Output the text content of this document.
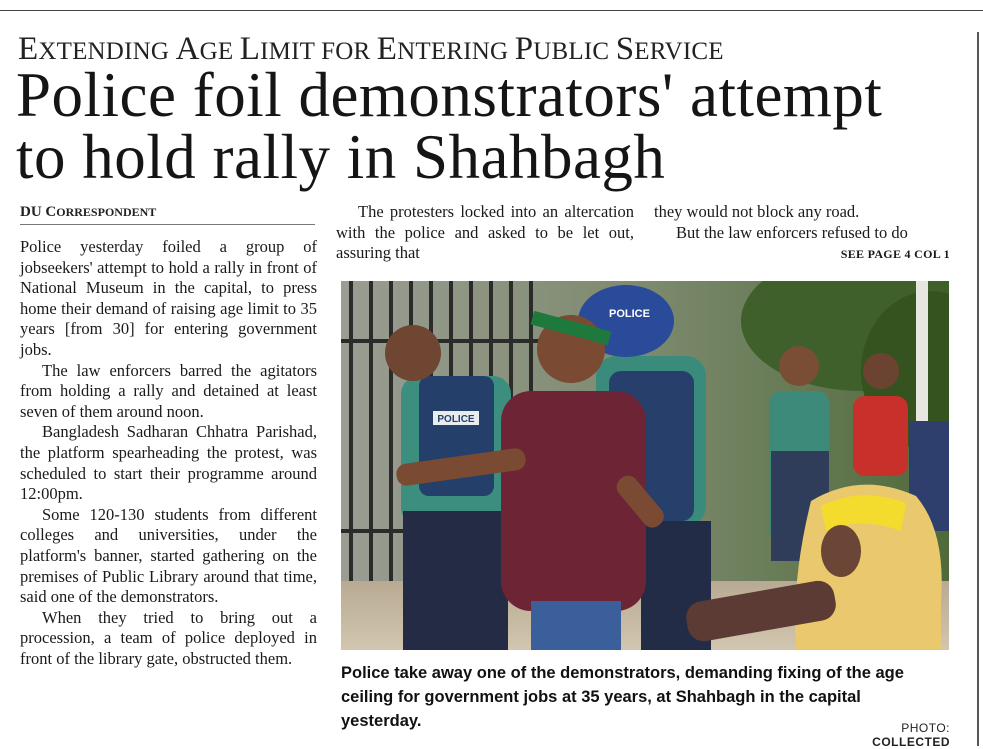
EXTENDING AGE LIMIT FOR ENTERING PUBLIC SERVICE
Police foil demonstrators' attempt
to hold rally in Shahbagh
DU CORRESPONDENT

Police yesterday foiled a group of jobseekers' attempt to hold a rally in front of National Museum in the capital, to press home their demand of raising age limit to 35 years [from 30] for entering government jobs.

The law enforcers barred the agitators from holding a rally and detained at least seven of them around noon.

Bangladesh Sadharan Chhatra Parishad, the platform spearheading the protest, was scheduled to start their programme around 12:00pm.

Some 120-130 students from different colleges and universities, under the platform's banner, started gathering on the premises of Public Library around that time, said one of the demonstrators.

When they tried to bring out a procession, a team of police deployed in front of the library gate, obstructed them.

The protesters locked into an altercation with the police and asked to be let out, assuring that

they would not block any road.

But the law enforcers refused to do

SEE PAGE 4 COL 1
POLICE
POLICE
Police take away one of the demonstrators, demanding fixing of the age ceiling for government jobs at 35 years, at Shahbagh in the capital yesterday.	PHOTO: COLLECTED
